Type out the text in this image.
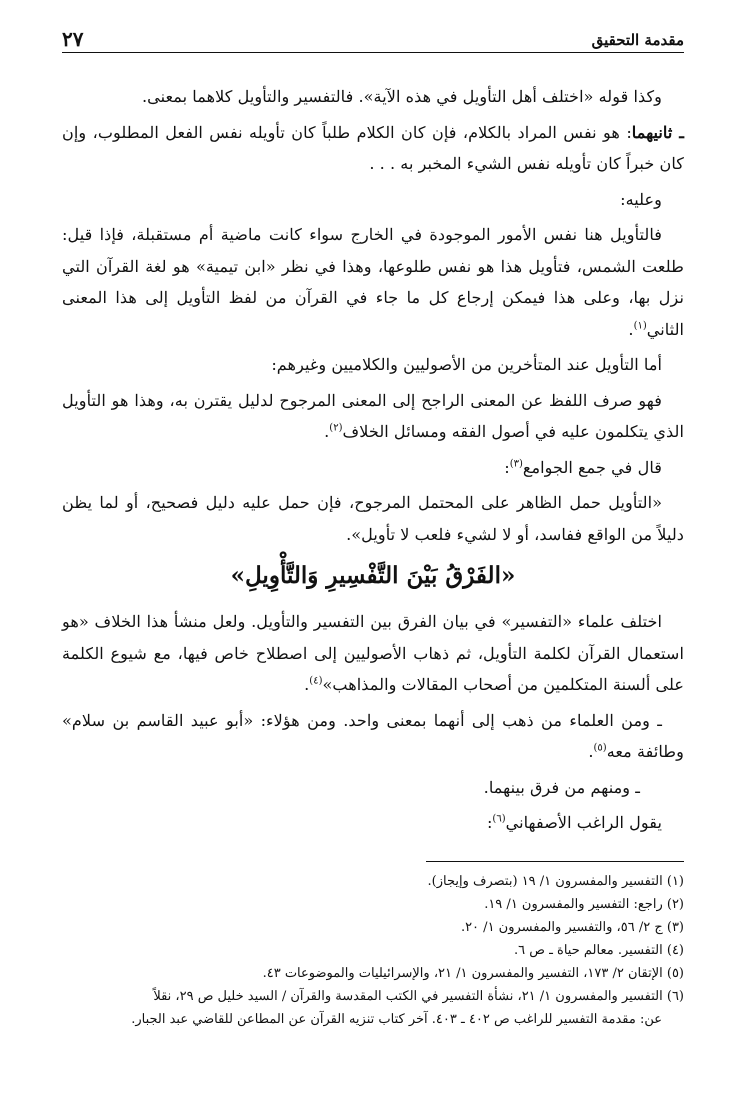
مقدمة التحقيق
٢٧

وكذا قوله «اختلف أهل التأويل في هذه الآية». فالتفسير والتأويل كلاهما بمعنى.

ـ ثانيهما: هو نفس المراد بالكلام، فإن كان الكلام طلباً كان تأويله نفس الفعل المطلوب، وإن كان خبراً كان تأويله نفس الشيء المخبر به . . .

وعليه:

فالتأويل هنا نفس الأمور الموجودة في الخارج سواء كانت ماضية أم مستقبلة، فإذا قيل: طلعت الشمس، فتأويل هذا هو نفس طلوعها، وهذا في نظر «ابن تيمية» هو لغة القرآن التي نزل بها، وعلى هذا فيمكن إرجاع كل ما جاء في القرآن من لفظ التأويل إلى هذا المعنى الثاني$^{(١)}$.

أما التأويل عند المتأخرين من الأصوليين والكلاميين وغيرهم:

فهو صرف اللفظ عن المعنى الراجح إلى المعنى المرجوح لدليل يقترن به، وهذا هو التأويل الذي يتكلمون عليه في أصول الفقه ومسائل الخلاف$^{(٢)}$.

قال في جمع الجوامع$^{(٣)}$:

«التأويل حمل الظاهر على المحتمل المرجوح، فإن حمل عليه دليل فصحيح، أو لما يظن دليلاً من الواقع ففاسد، أو لا لشيء فلعب لا تأويل».

«الفَرْقُ بَيْنَ التَّفْسِيرِ وَالتَّأْوِيلِ»

اختلف علماء «التفسير» في بيان الفرق بين التفسير والتأويل. ولعل منشأ هذا الخلاف «هو استعمال القرآن لكلمة التأويل، ثم ذهاب الأصوليين إلى اصطلاح خاص فيها، مع شيوع الكلمة على ألسنة المتكلمين من أصحاب المقالات والمذاهب»$^{(٤)}$.

ـ ومن العلماء من ذهب إلى أنهما بمعنى واحد. ومن هؤلاء: «أبو عبيد القاسم بن سلام» وطائفة معه$^{(٥)}$.

ـ ومنهم من فرق بينهما.

يقول الراغب الأصفهاني$^{(٦)}$:

(١) التفسير والمفسرون ١/ ١٩ (بتصرف وإيجاز).

(٢) راجع: التفسير والمفسرون ١/ ١٩.

(٣) ج ٢/ ٥٦، والتفسير والمفسرون ١/ ٢٠.

(٤) التفسير. معالم حياة ـ ص ٦.

(٥) الإتقان ٢/ ١٧٣، التفسير والمفسرون ١/ ٢١، والإسرائيليات والموضوعات ٤٣.

(٦) التفسير والمفسرون ١/ ٢١، نشأة التفسير في الكتب المقدسة والقرآن / السيد خليل ص ٢٩، نقلاً

عن: مقدمة التفسير للراغب ص ٤٠٢ ـ ٤٠٣. آخر كتاب تنزيه القرآن عن المطاعن للقاضي عبد الجبار.
